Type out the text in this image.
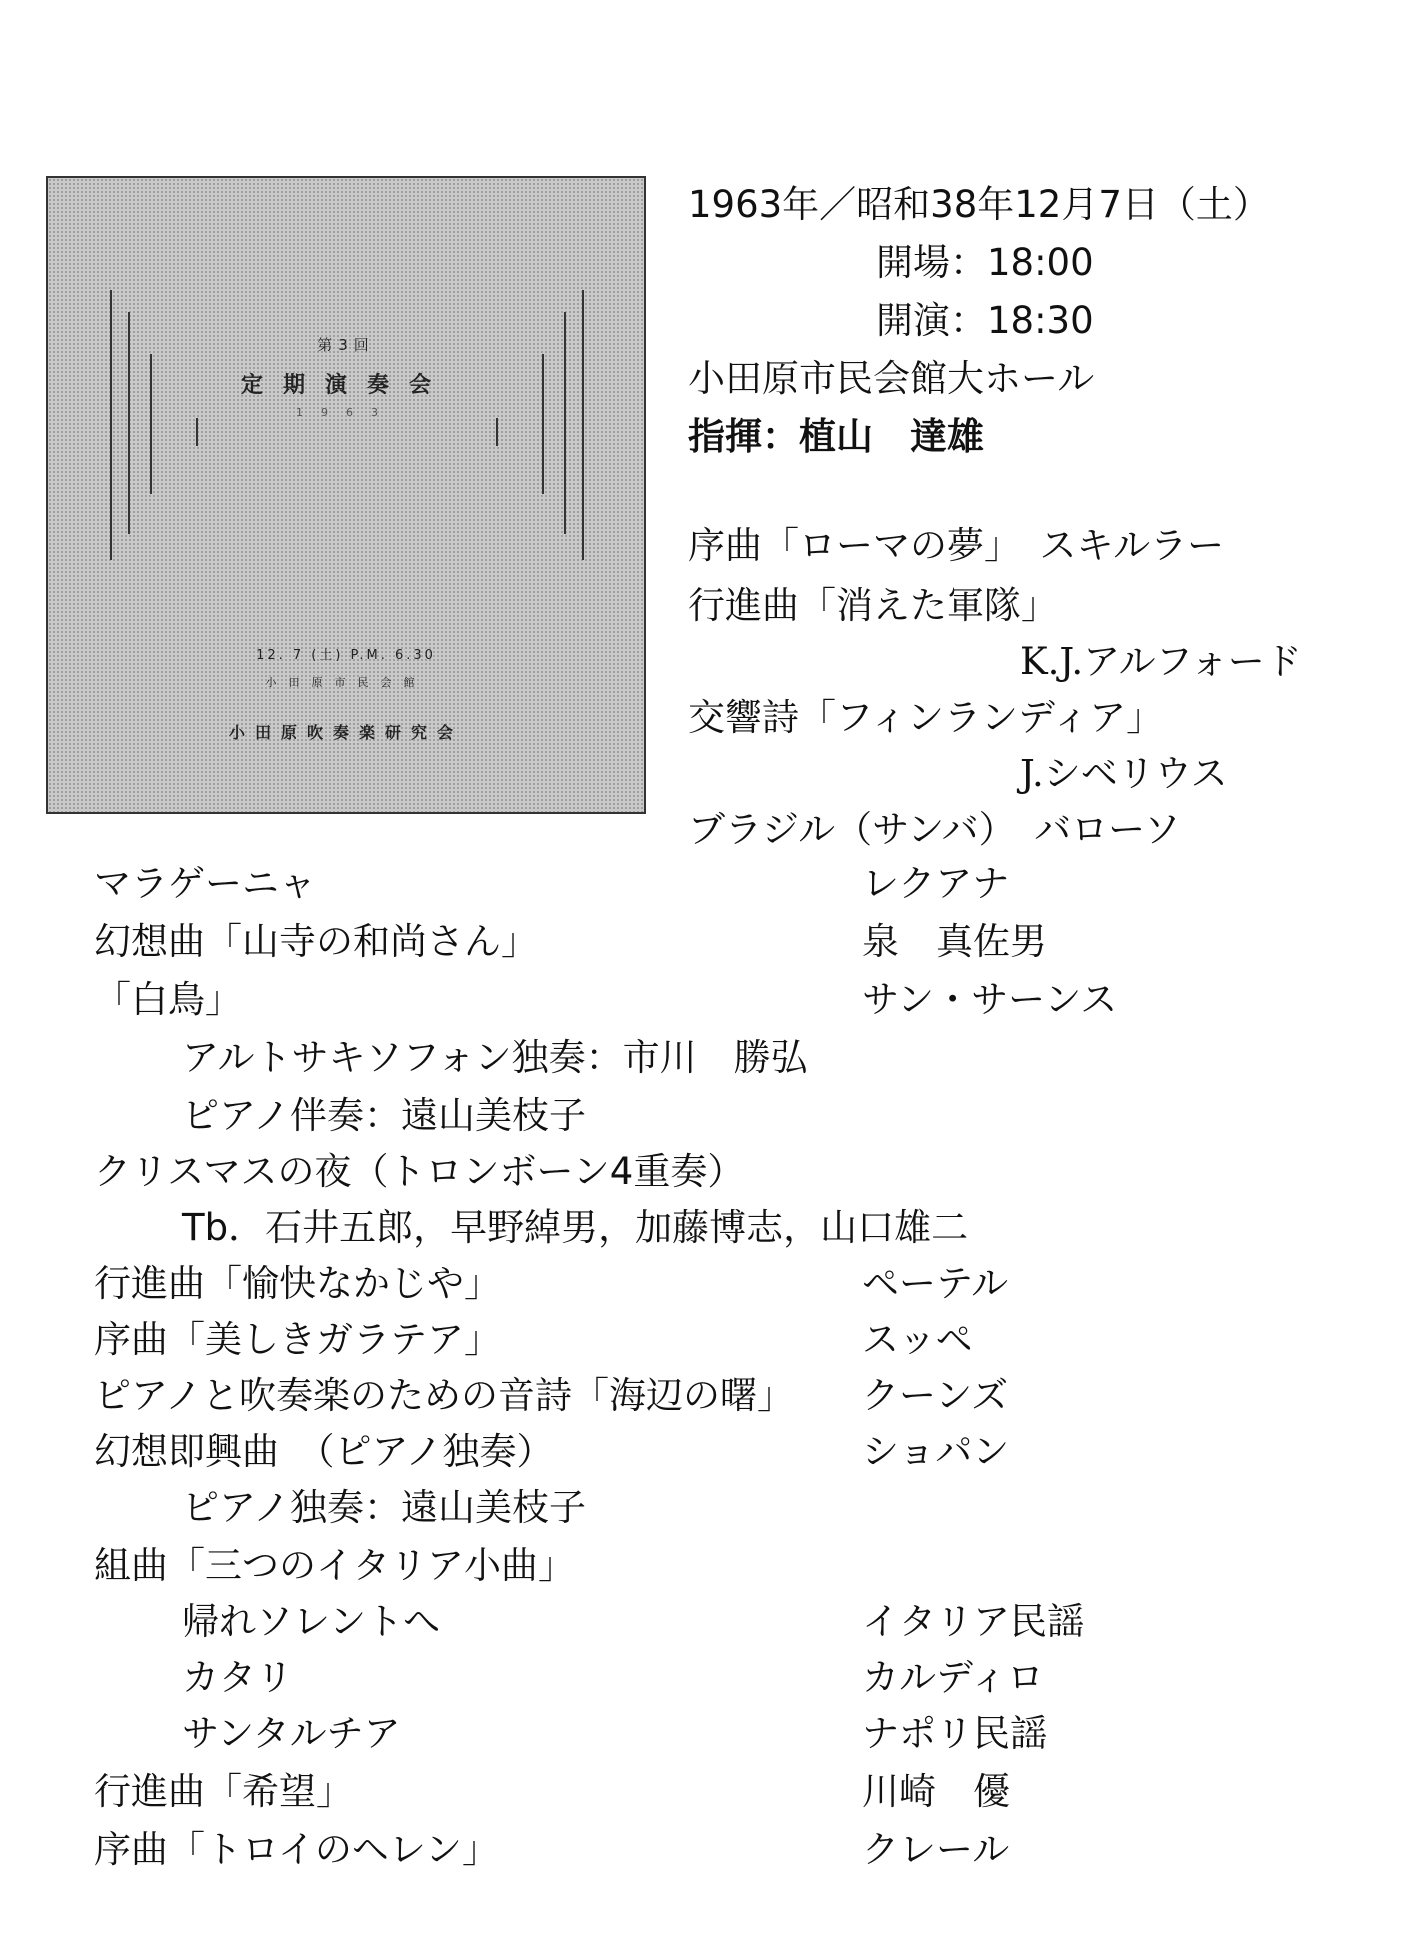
第3回
定期演奏会
1963
12. 7 (土) P.M. 6.30
小田原市民会館
小田原吹奏楽研究会
1963年／昭和38年12月7日（土）
開場：18:00
開演：18:30
小田原市民会館大ホール
指揮：植山　達雄
序曲「ローマの夢」　スキルラー
行進曲「消えた軍隊」
K.J.アルフォード
交響詩「フィンランディア」
J.シベリウス
ブラジル（サンバ）　バローソ
マラゲーニャ	レクアナ
幻想曲「山寺の和尚さん」	泉　真佐男
「白鳥」	サン・サーンス
アルトサキソフォン独奏：市川　勝弘
ピアノ伴奏：遠山美枝子
クリスマスの夜（トロンボーン4重奏）
Tb．石井五郎，早野綽男，加藤博志，山口雄二
行進曲「愉快なかじや」	ペーテル
序曲「美しきガラテア」	スッペ
ピアノと吹奏楽のための音詩「海辺の曙」 クーンズ
幻想即興曲　（ピアノ独奏）	ショパン
ピアノ独奏：遠山美枝子
組曲「三つのイタリア小曲」
帰れソレントへ	イタリア民謡
カタリ	カルディロ
サンタルチア	ナポリ民謡
行進曲「希望」	川崎　優
序曲「トロイのヘレン」	クレール
